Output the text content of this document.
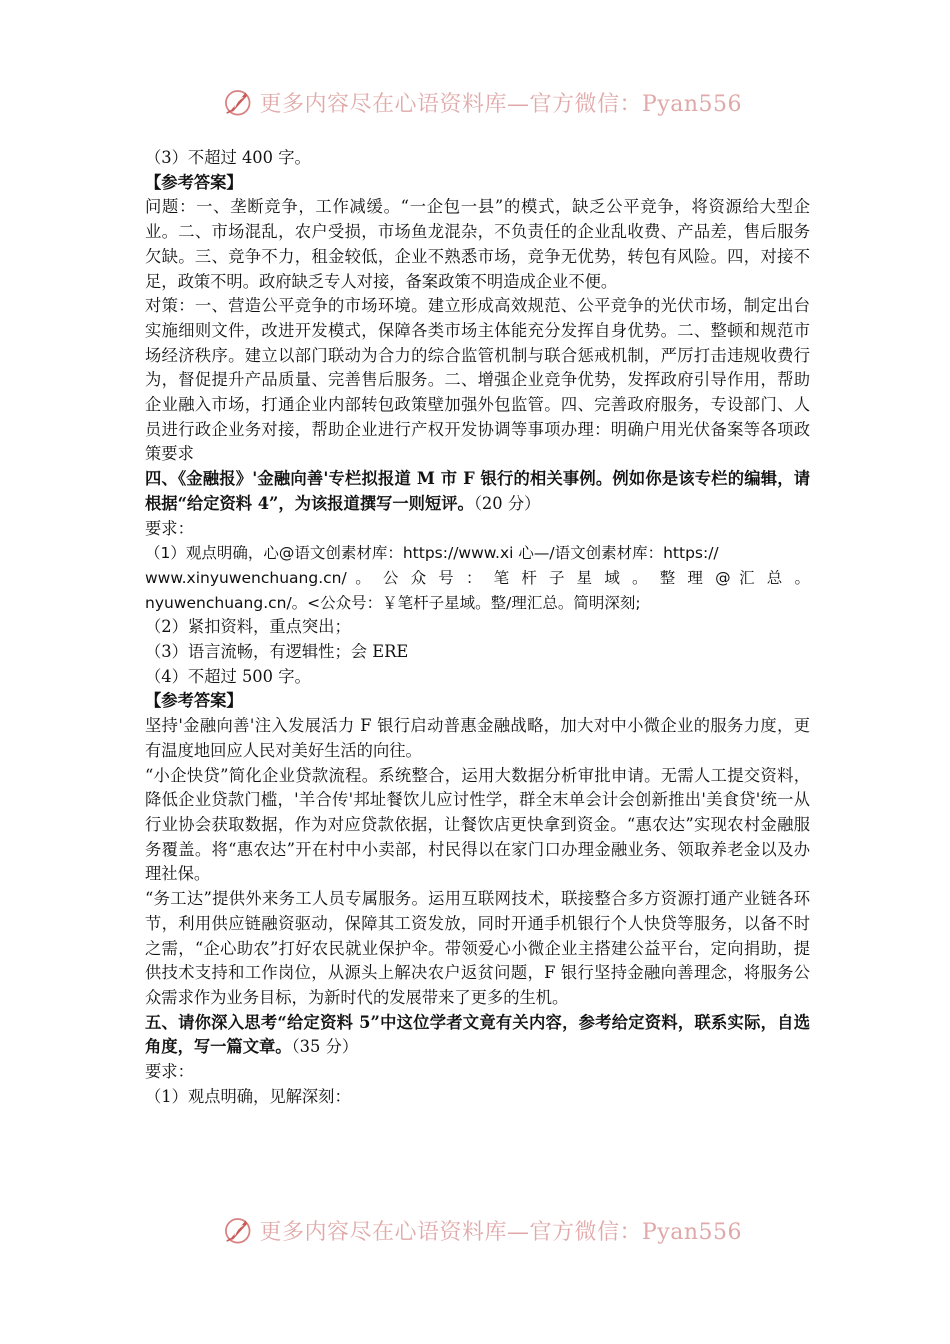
更多内容尽在心语资料库—官方微信：Pyan556

（3）不超过 400 字。

【参考答案】

问题：一、垄断竞争，工作减缓。“一企包一县”的模式，缺乏公平竞争，将资源给大型企业。二、市场混乱，农户受损，市场鱼龙混杂，不负责任的企业乱收费、产品差，售后服务欠缺。三、竞争不力，租金较低，企业不熟悉市场，竞争无优势，转包有风险。四，对接不足，政策不明。政府缺乏专人对接，备案政策不明造成企业不便。

对策：一、营造公平竞争的市场环境。建立形成高效规范、公平竞争的光伏市场，制定出台实施细则文件，改进开发模式，保障各类市场主体能充分发挥自身优势。二、整顿和规范市场经济秩序。建立以部门联动为合力的综合监管机制与联合惩戒机制，严厉打击违规收费行为，督促提升产品质量、完善售后服务。二、增强企业竞争优势，发挥政府引导作用，帮助企业融入市场，打通企业内部转包政策壁加强外包监管。四、完善政府服务，专设部门、人员进行政企业务对接，帮助企业进行产权开发协调等事项办理：明确户用光伏备案等各项政策要求

四、《金融报》'金融向善'专栏拟报道 M 市 F 银行的相关事例。例如你是该专栏的编辑，请根据“给定资料 4”，为该报道撰写一则短评。（20 分）

要求：

（1）观点明确，心@语文创素材库：https://www.xi 心—/语文创素材库：https://

www.xinyuwenchuang.cn/ 。 公 众 号 ： 笔 杆 子 星 域 。 整 理 @ 汇 总 。

nyuwenchuang.cn/。<公众号：￥笔杆子星域。整/理汇总。简明深刻;

（2）紧扣资料，重点突出；

（3）语言流畅，有逻辑性；会 ERE

（4）不超过 500 字。

【参考答案】

坚持'金融向善'注入发展活力 F 银行启动普惠金融战略，加大对中小微企业的服务力度，更有温度地回应人民对美好生活的向往。

“小企快贷”简化企业贷款流程。系统整合，运用大数据分析审批申请。无需人工提交资料，降低企业贷款门槛，'羊合传'邦址餐饮儿应讨性学，群全末单会计会创新推出'美食贷'统一从行业协会获取数据，作为对应贷款依据，让餐饮店更快拿到资金。“惠农达”实现农村金融服务覆盖。将“惠农达”开在村中小卖部，村民得以在家门口办理金融业务、领取养老金以及办理社保。

“务工达”提供外来务工人员专属服务。运用互联网技术，联接整合多方资源打通产业链各环节，利用供应链融资驱动，保障其工资发放，同时开通手机银行个人快贷等服务，以备不时之需，“企心助农”打好农民就业保护伞。带领爱心小微企业主搭建公益平台，定向捐助，提供技术支持和工作岗位，从源头上解决农户返贫问题，F 银行坚持金融向善理念，将服务公众需求作为业务目标，为新时代的发展带来了更多的生机。

五、请你深入思考“给定资料 5”中这位学者文竟有关内容，参考给定资料，联系实际，自选角度，写一篇文章。（35 分）

要求：

（1）观点明确，见解深刻：

更多内容尽在心语资料库—官方微信：Pyan556
